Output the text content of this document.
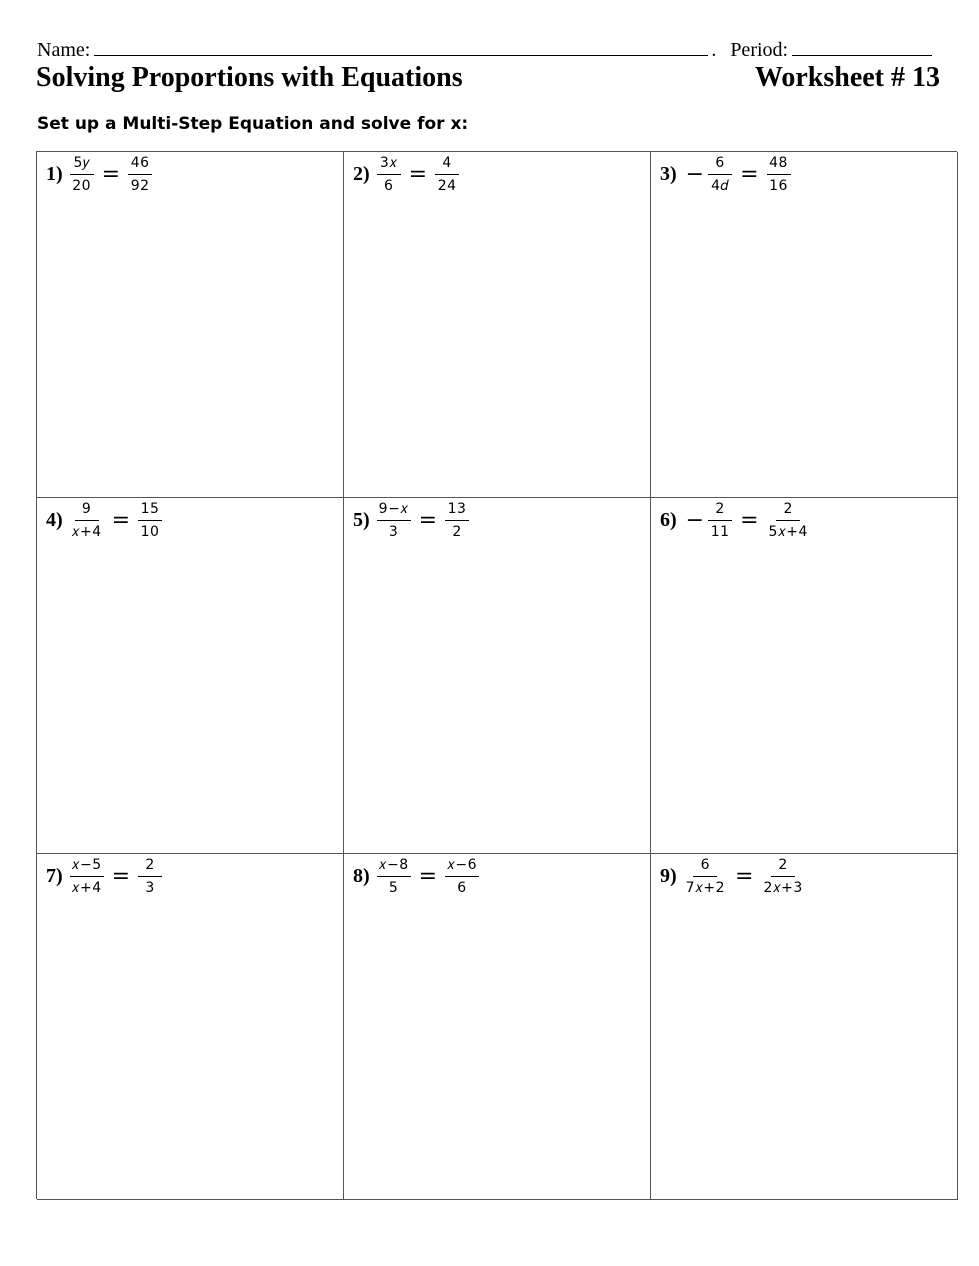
Name:	. Period:
Solving Proportions with Equations	Worksheet # 13
Set up a Multi-Step Equation and solve for x:
$1) \frac{\text{5𝑦}}{20} = \frac{46}{92}$	$2) \frac{\text{3𝑥}}{6} = \frac{4}{24}$	$3) - \frac{6}{\text{4𝑑}} = \frac{48}{16}$
$4) \frac{9}{\text{𝑥+4}} = \frac{15}{10}$	$5) \frac{\text{9−𝑥}}{3} = \frac{13}{2}$	$6) - \frac{2}{11} = \frac{2}{\text{5𝑥+4}}$
$7) \frac{\text{𝑥−5}}{\text{𝑥+4}} = \frac{2}{3}$	$8) \frac{\text{𝑥−8}}{5} = \frac{\text{𝑥−6}}{6}$	$9) \frac{6}{\text{7𝑥+2}} = \frac{2}{\text{2𝑥+3}}$
